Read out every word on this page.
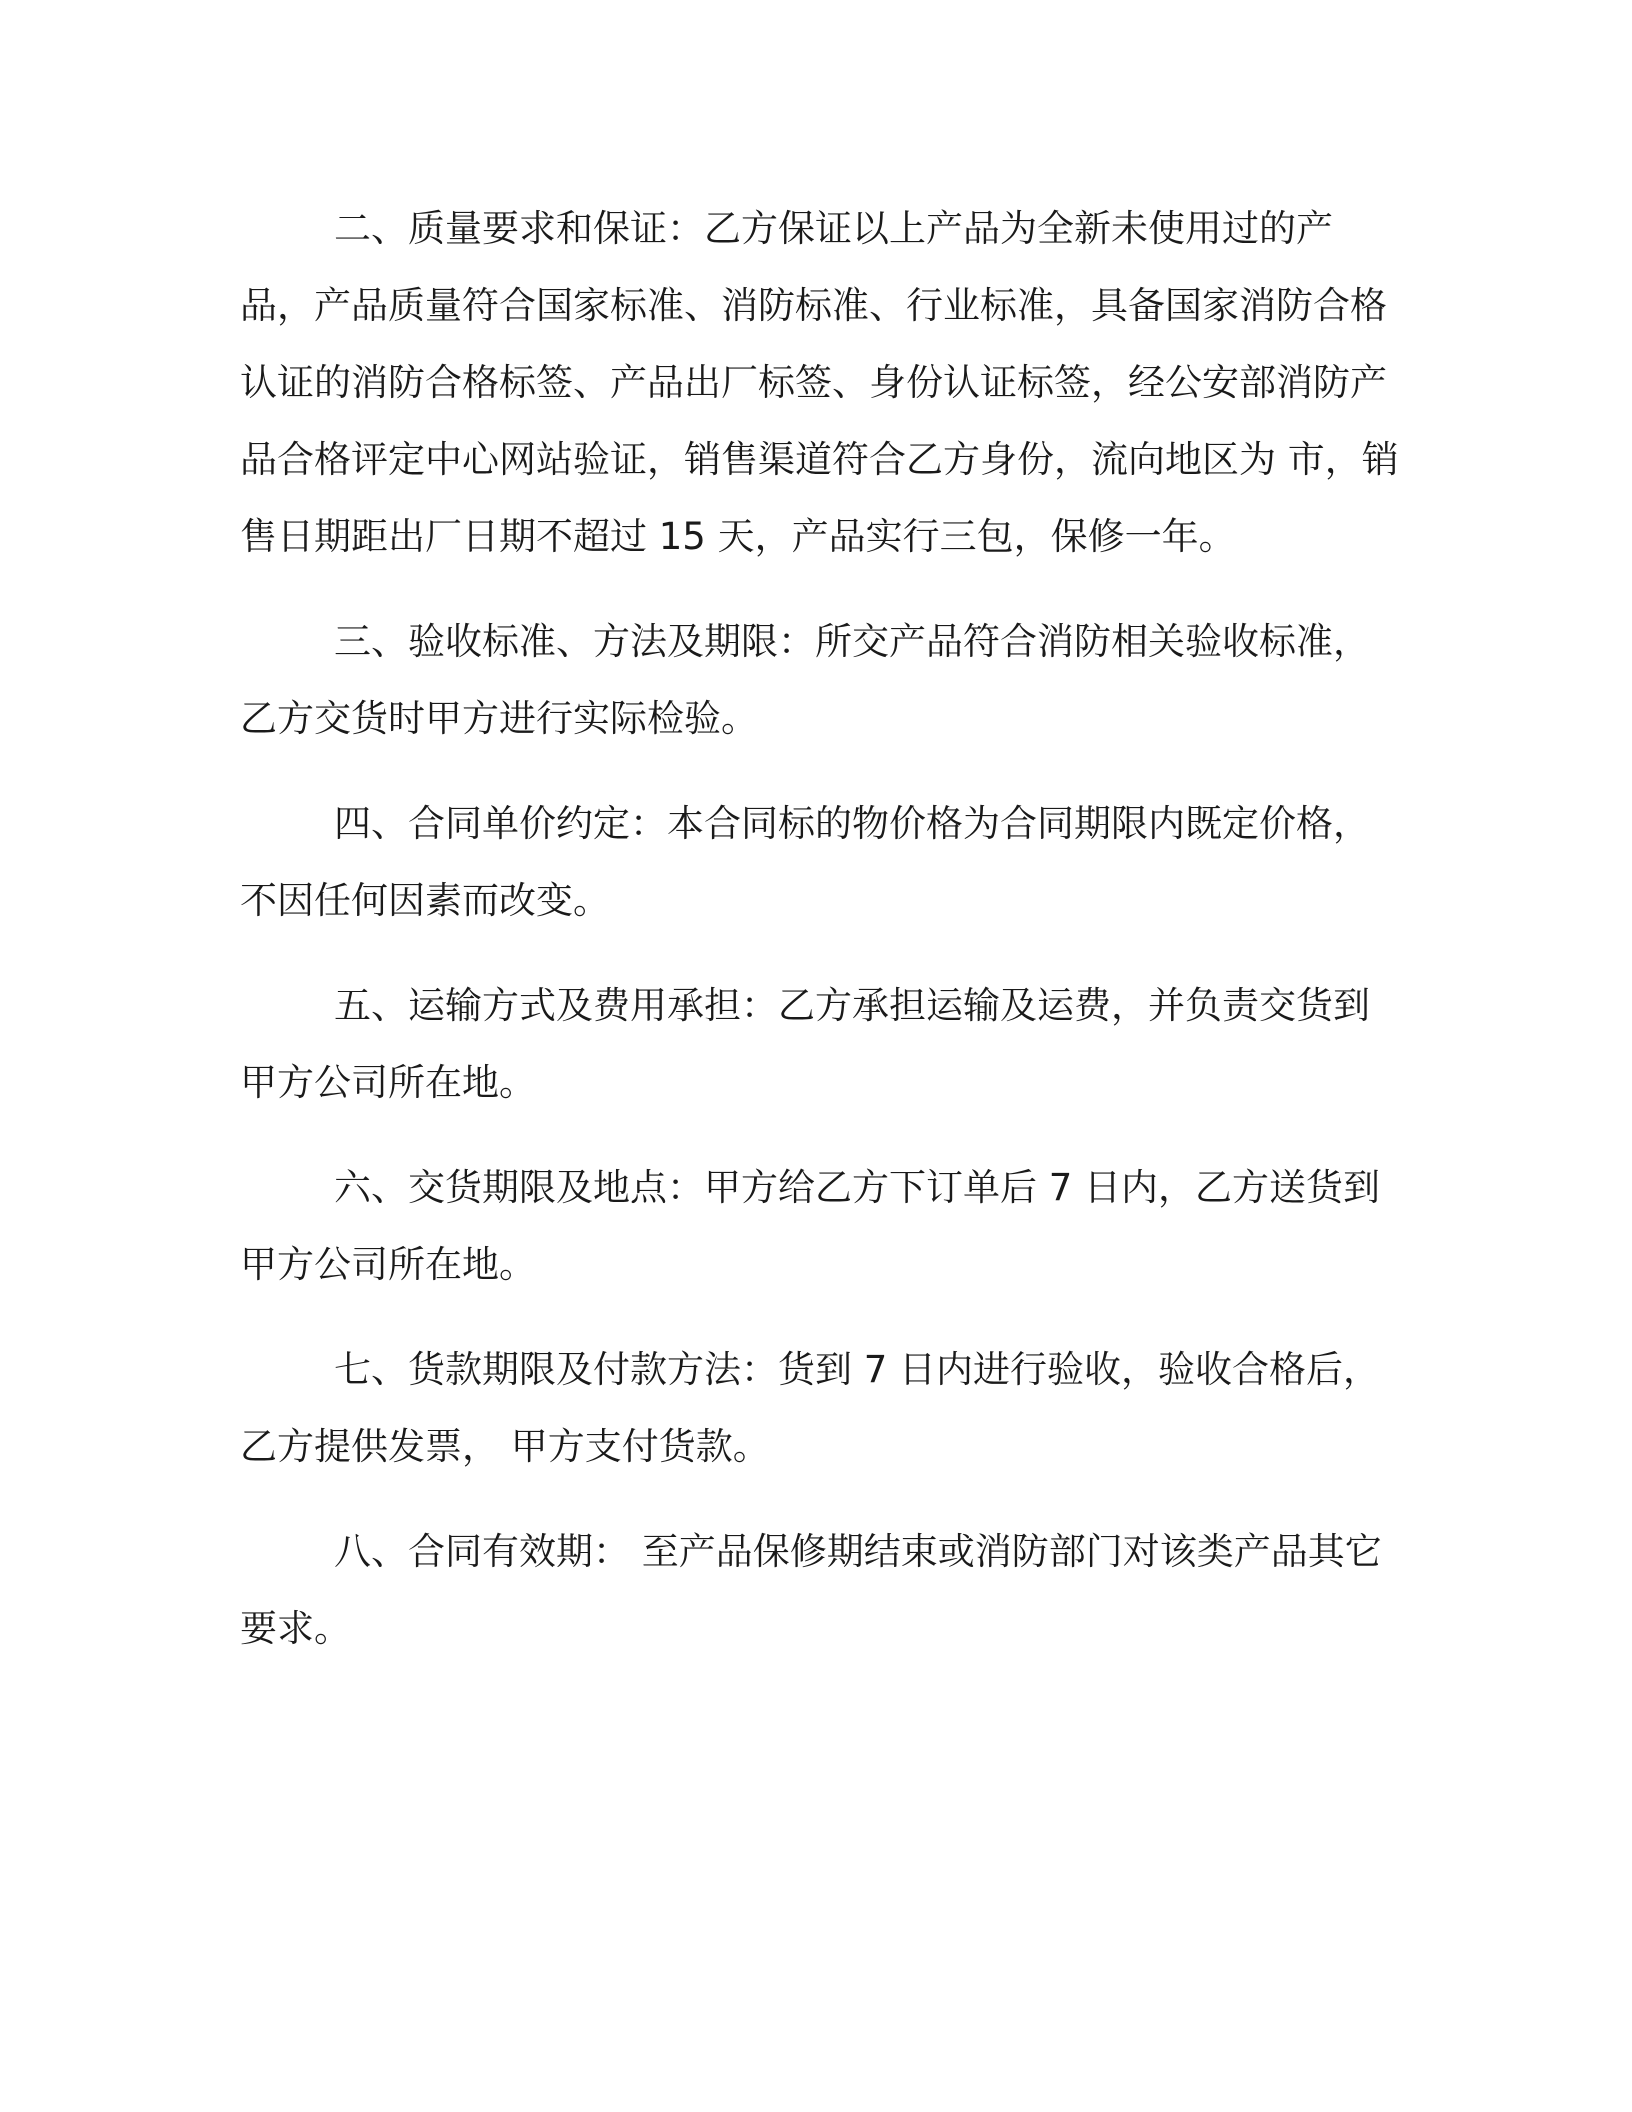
二、质量要求和保证：乙方保证以上产品为全新未使用过的产品，产品质量符合国家标准、消防标准、行业标准，具备国家消防合格认证的消防合格标签、产品出厂标签、身份认证标签，经公安部消防产品合格评定中心网站验证，销售渠道符合乙方身份，流向地区为 市，销售日期距出厂日期不超过 15 天，产品实行三包，保修一年。

三、验收标准、方法及期限：所交产品符合消防相关验收标准，乙方交货时甲方进行实际检验。

四、合同单价约定：本合同标的物价格为合同期限内既定价格，不因任何因素而改变。

五、运输方式及费用承担：乙方承担运输及运费，并负责交货到甲方公司所在地。

六、交货期限及地点：甲方给乙方下订单后 7 日内，乙方送货到甲方公司所在地。

七、货款期限及付款方法：货到 7 日内进行验收，验收合格后，乙方提供发票， 甲方支付货款。

八、合同有效期： 至产品保修期结束或消防部门对该类产品其它要求。
